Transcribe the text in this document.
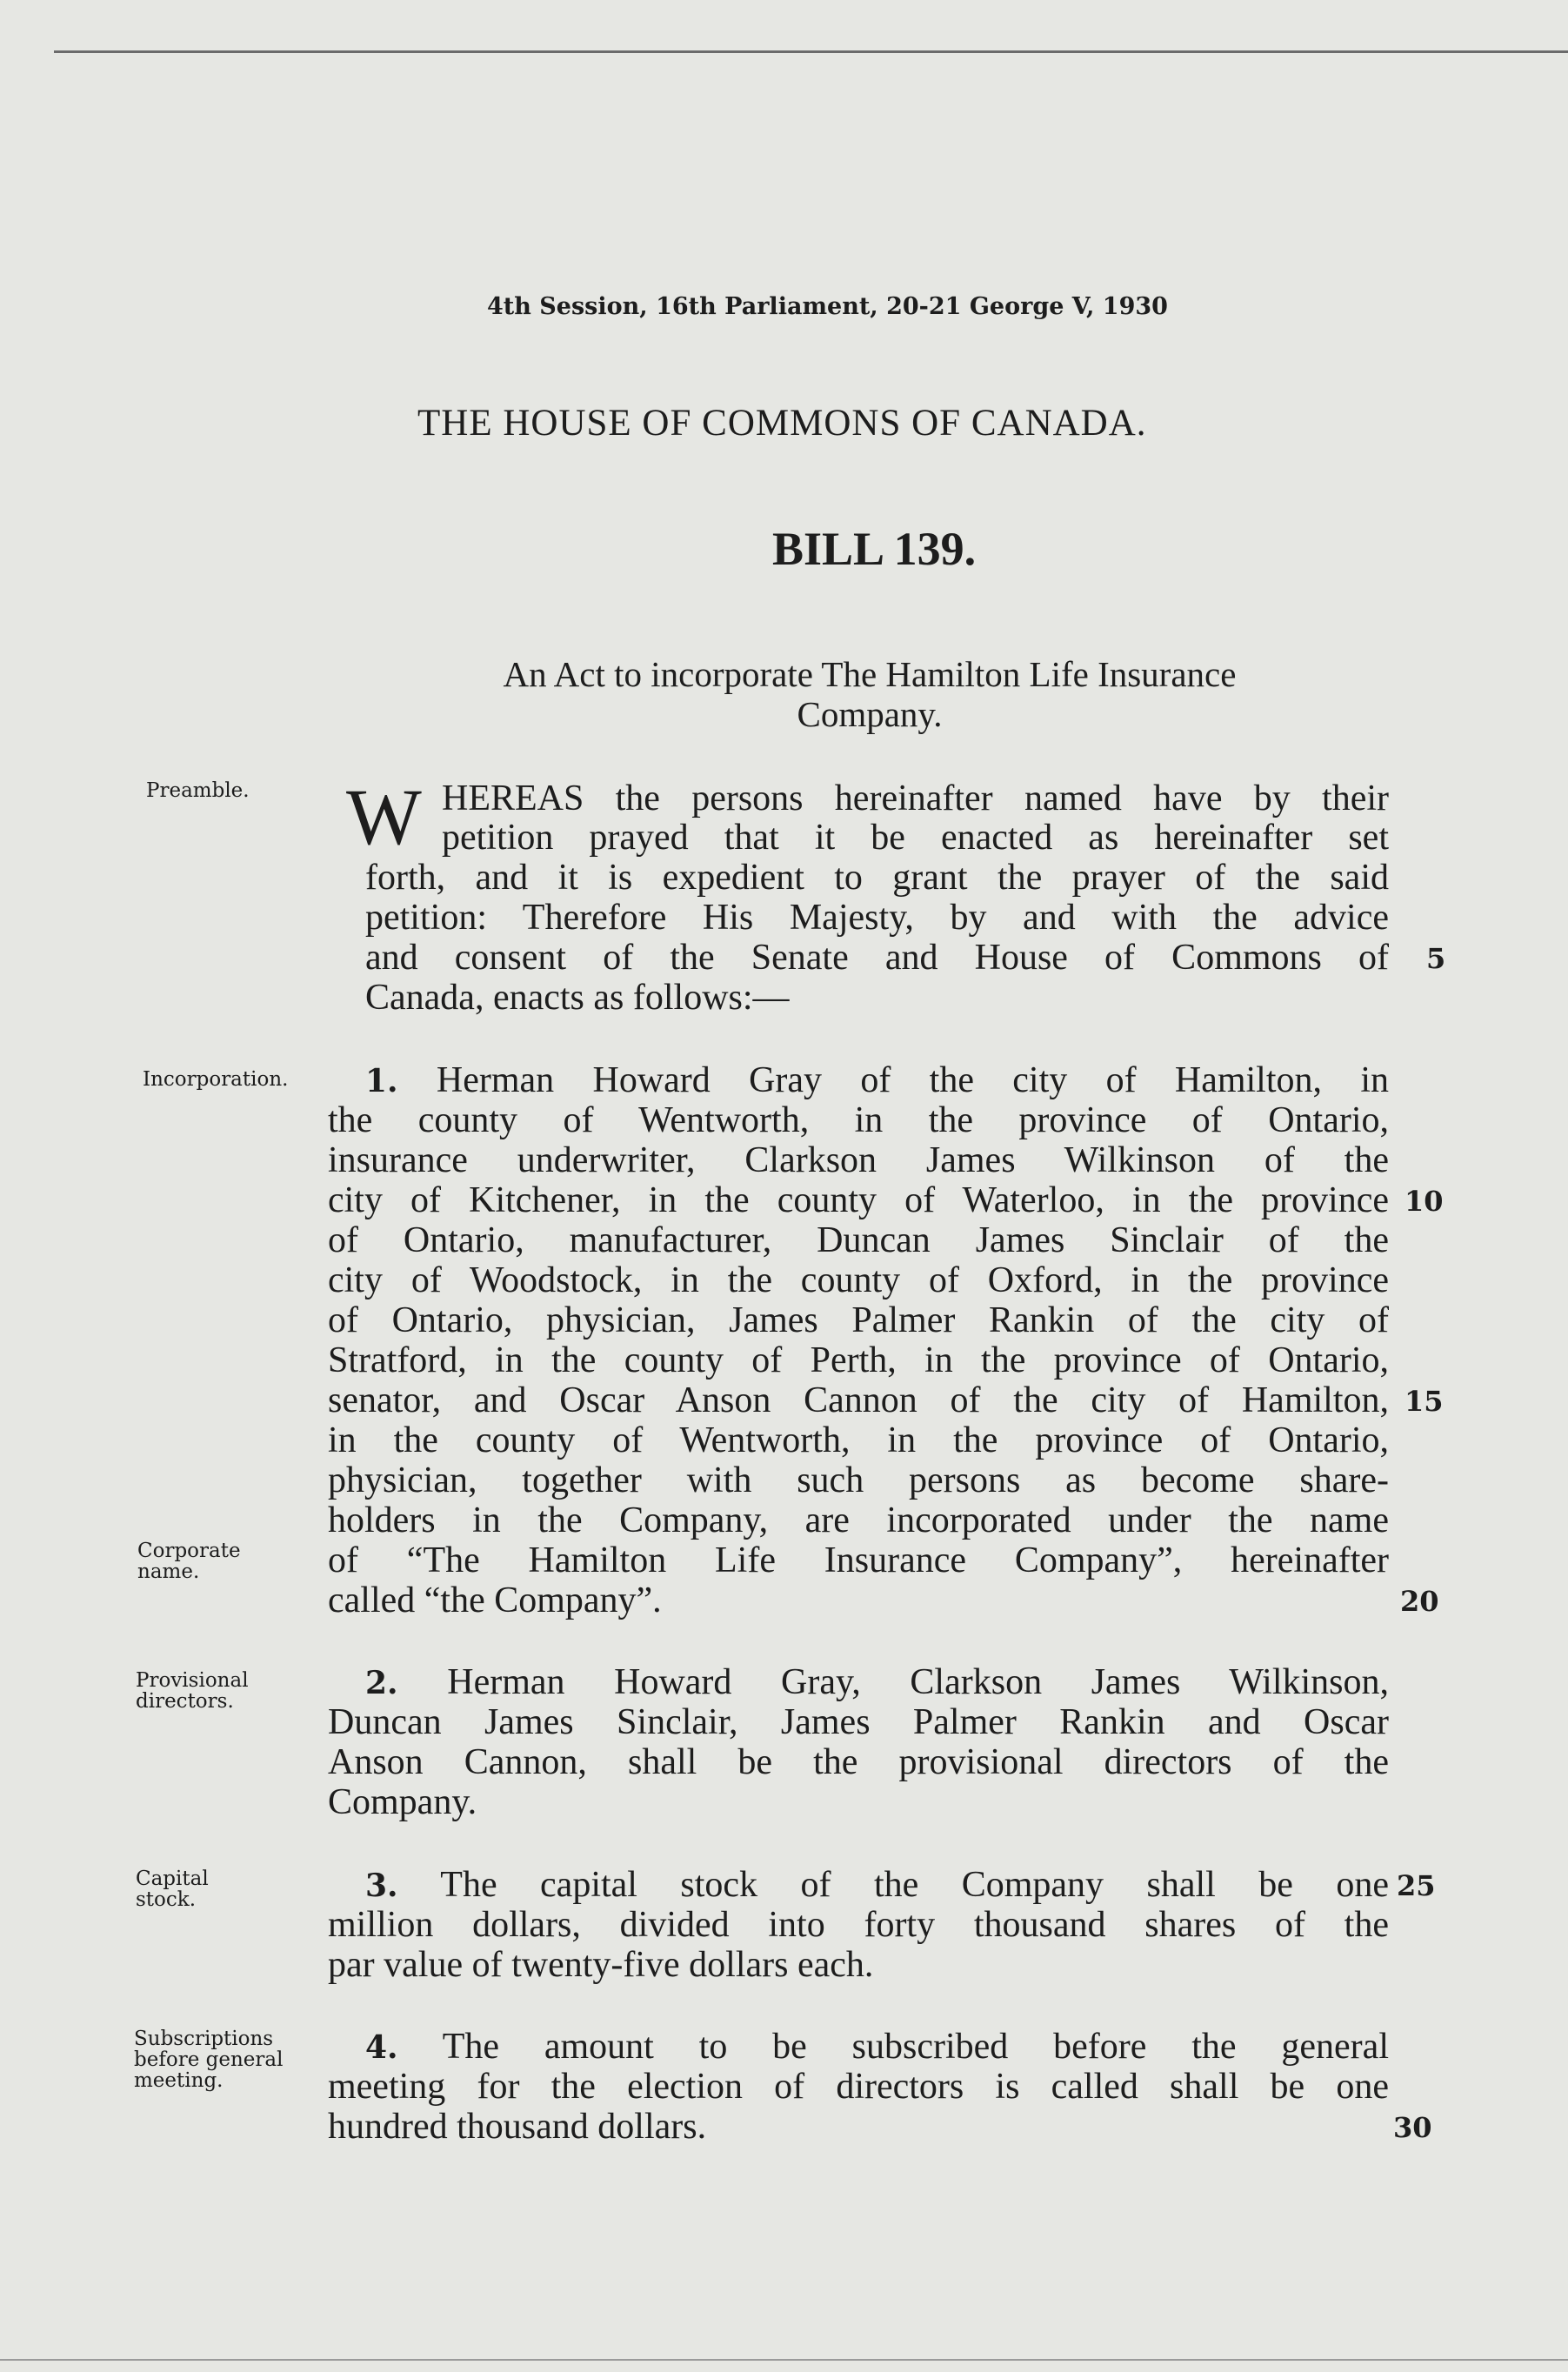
4th Session, 16th Parliament, 20-21 George V, 1930
THE HOUSE OF COMMONS OF CANADA.
BILL 139.
An Act to incorporate The Hamilton Life Insurance
Company.
Preamble.
Incorporation.
Corporate
name.
Provisional
directors.
Capital
stock.
Subscriptions
before general
meeting.
W HEREAS the persons hereinafter named have by their
petition prayed that it be enacted as hereinafter set
forth, and it is expedient to grant the prayer of the said
petition: Therefore His Majesty, by and with the advice
and consent of the Senate and House of Commons of
Canada, enacts as follows:—
1. Herman Howard Gray of the city of Hamilton, in
the county of Wentworth, in the province of Ontario,
insurance underwriter, Clarkson James Wilkinson of the
city of Kitchener, in the county of Waterloo, in the province
of Ontario, manufacturer, Duncan James Sinclair of the
city of Woodstock, in the county of Oxford, in the province
of Ontario, physician, James Palmer Rankin of the city of
Stratford, in the county of Perth, in the province of Ontario,
senator, and Oscar Anson Cannon of the city of Hamilton,
in the county of Wentworth, in the province of Ontario,
physician, together with such persons as become share-
holders in the Company, are incorporated under the name
of “The Hamilton Life Insurance Company”, hereinafter
called “the Company”.
2. Herman Howard Gray, Clarkson James Wilkinson,
Duncan James Sinclair, James Palmer Rankin and Oscar
Anson Cannon, shall be the provisional directors of the
Company.
3. The capital stock of the Company shall be one
million dollars, divided into forty thousand shares of the
par value of twenty-five dollars each.
4. The amount to be subscribed before the general
meeting for the election of directors is called shall be one
hundred thousand dollars.
5
10
15
20
25
30
